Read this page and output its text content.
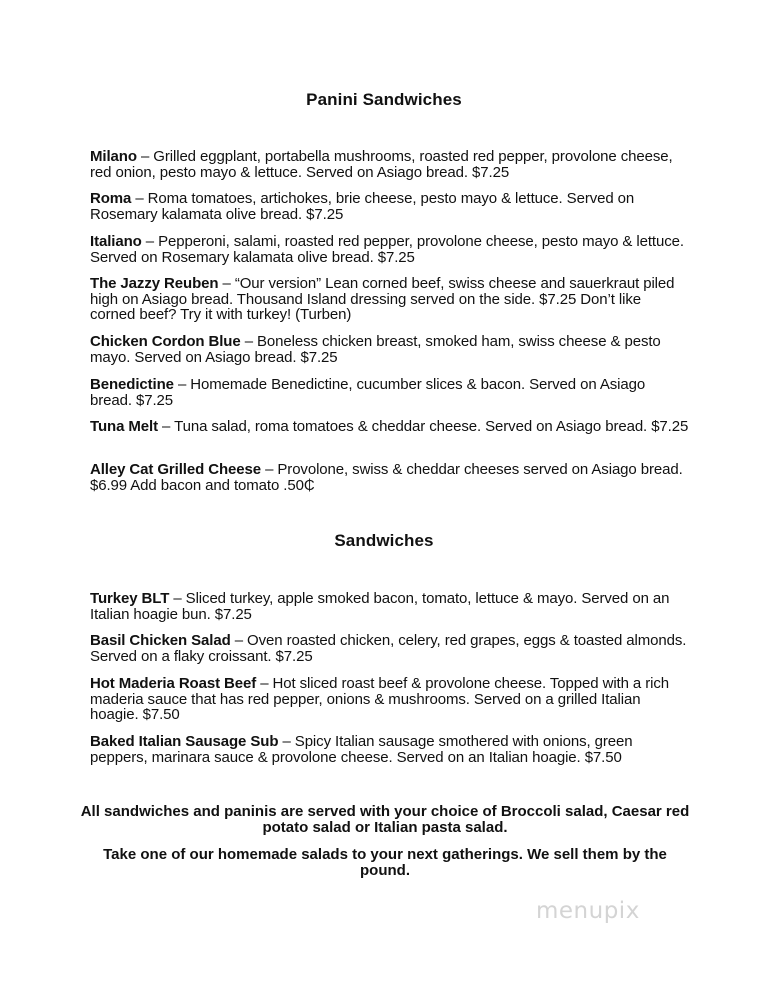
Panini Sandwiches
Milano – Grilled eggplant, portabella mushrooms, roasted red pepper, provolone cheese, red onion, pesto mayo & lettuce. Served on Asiago bread. $7.25
Roma – Roma tomatoes, artichokes, brie cheese, pesto mayo & lettuce. Served on Rosemary kalamata olive bread. $7.25
Italiano – Pepperoni, salami, roasted red pepper, provolone cheese, pesto mayo & lettuce. Served on Rosemary kalamata olive bread. $7.25
The Jazzy Reuben – “Our version” Lean corned beef, swiss cheese and sauerkraut piled high on Asiago bread. Thousand Island dressing served on the side. $7.25 Don’t like corned beef? Try it with turkey! (Turben)
Chicken Cordon Blue – Boneless chicken breast, smoked ham, swiss cheese & pesto mayo. Served on Asiago bread. $7.25
Benedictine – Homemade Benedictine, cucumber slices & bacon. Served on Asiago bread. $7.25
Tuna Melt – Tuna salad, roma tomatoes & cheddar cheese. Served on Asiago bread. $7.25
Alley Cat Grilled Cheese – Provolone, swiss & cheddar cheeses served on Asiago bread. $6.99 Add bacon and tomato .50₵
Sandwiches
Turkey BLT – Sliced turkey, apple smoked bacon, tomato, lettuce & mayo. Served on an Italian hoagie bun. $7.25
Basil Chicken Salad – Oven roasted chicken, celery, red grapes, eggs & toasted almonds. Served on a flaky croissant. $7.25
Hot Maderia Roast Beef – Hot sliced roast beef & provolone cheese. Topped with a rich maderia sauce that has red pepper, onions & mushrooms. Served on a grilled Italian hoagie. $7.50
Baked Italian Sausage Sub – Spicy Italian sausage smothered with onions, green peppers, marinara sauce & provolone cheese. Served on an Italian hoagie. $7.50
All sandwiches and paninis are served with your choice of Broccoli salad, Caesar red potato salad or Italian pasta salad.
Take one of our homemade salads to your next gatherings. We sell them by the pound.
menupix
